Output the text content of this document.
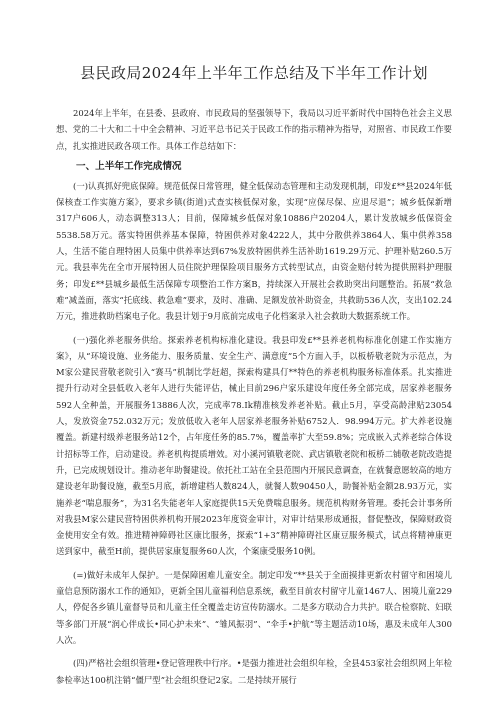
县民政局2024年上半年工作总结及下半年工作计划

2024年上半年，在县委、县政府、市民政局的坚强领导下，我局以习近平新时代中国特色社会主义思想、党的二十大和二十中全会精神、习近平总书记关于民政工作的指示精神为指导，对照省、市民政工作要点，扎实推进民政各项工作。具体工作总结如下：

一、上半年工作完成情况

(一)认真抓好兜底保障。规范低保日常管理，健全低保动态管理和主动发现机制，印发£**县2024年低保核查工作实施方案》，要求乡镇(街道)式查实核低保对象，实现“应保尽保、应退尽退”；城乡低保新增317户606人，动态调整313人；目前，保障城乡低保对象10886户20204人，累计发放城乡低保资金5538.58万元。落实特困供养基本保障，特困供养对象4222人，其中分散供养3864人、集中供养358人，生活不能自理特困人员集中供养率达到67%发放特困供养生活补助1619.29万元、护理补贴260.5万元。我县率先在全市开展特困人员住院护理保险项目服务方式转型试点，由资金赔付转为提供照料护理服务；印发£**县城乡最低生活保障专项整治工作方案B，持续深入开展社会救助突出问题整治。拓展“救急难”减盖面，落实“托底线、救急难”要求，及时、准确、足额发放补助资金，共救助536人次，支出102.24万元，推进救助档案电子化。我县计划于9月底前完成电子化档案录入社会救助大数据系统工作。

(一)强化养老服务供给。探索养老机构标准化建设。我县印发£**县养老机构标准化创建工作实施方案》，从“环境设施、业务能力、服务质量、安全生产、满意度”5个方面入手，以板桥敬老院为示范点，为M家公建民营敬老院引入“赛马”机制比学赶超，探索构建具仃**特色的养老机构服务标准体系。扎实推进提升行动对全县低收入老年人进行失能评估，械止目前296户家乐建设年度任务全部完成，居家养老服务592人全种盖，开展服务13886人次，完成率78.Ik精准核发养老补贴。截止5月，享受高龄津贴23054人，发放资金752.032万元；发放低收入老年人居家养老服务补贴6752人．98.994万元。扩大养老设施覆盖。新建村级养老服务站12个，占年度任务的85.7%，覆盖率扩大至59.8%；完成嵌入式养老综合体设计招标等工作，启动建设。养老机构提质增效。对小溪河镇敬老院、武店镇敬老院和板桥二铺敬老院改造提升，已完成规划设计。推动老年助餐建设。依托社工站在全县范围内开展民意调查，在就餐意愿较高的地方建设老年助餐设施，截至5月底，新增建档人数824人，就餐人数90450人，助餐补贴金额28.93万元，实施养老“喘息服务”，为31名失能老年人家庭提供15天免费喘息服务。规范机构财务管理。委托会计事务所对我县M家公建民营特困供养机构开展2023年度资金审计，对审计结果形成通报，督促整改，保障财政资金使用安全有效。推进精神障碍社区康比服务，探索“1+3”精神障碍社区康豆服务模式，试点将精神康更送到家中，截至H前，提供居家康复服务60人次，个案康受服务10例。

(=)做好未成年人保护。一是保障困难儿童安全。制定印发“**县关于全面摸排更新农村留守和困境儿童信息预防溺水工作的通知》，更新全国儿童福利信息系统，截至目前农村留守儿童1467人、困境儿童229人，停促各乡镇儿童督导员和儿童主任全覆盖走访宣传防溺水。二是多方联动合力共护。联合检察院、妇联等多部门开展“润心伴成长•同心护未来”、“雏风振羽”、“伞手•护航”等主题活动10场，惠及未成年人300人次。

(四)严格社会组织管理•登记管理秩中行序。•是强力推进社会组织年检，全县453家社会组织网上年检参检率达100机注销“僵尸型”社会组织登记2家。二是持续开展行
